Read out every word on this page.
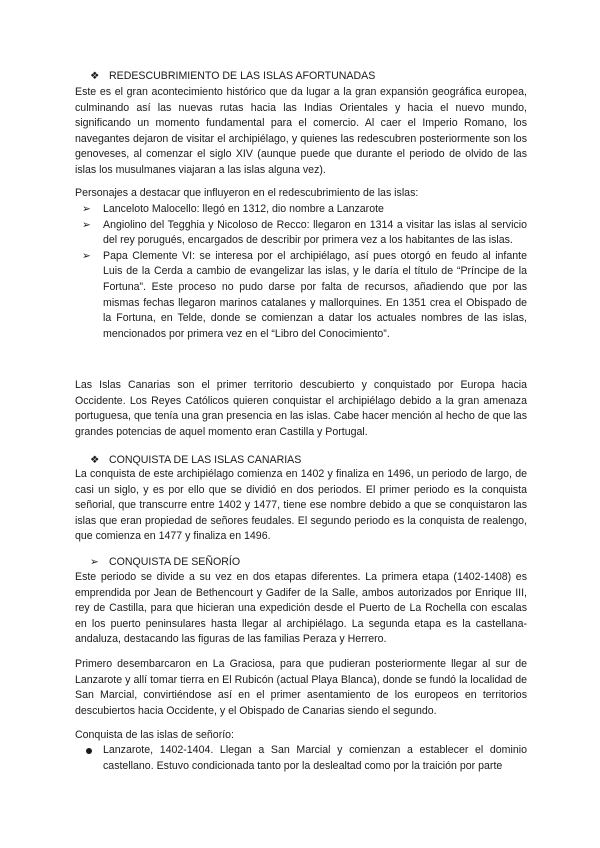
❖ REDESCUBRIMIENTO DE LAS ISLAS AFORTUNADAS

Este es el gran acontecimiento histórico que da lugar a la gran expansión geográfica europea, culminando así las nuevas rutas hacia las Indias Orientales y hacia el nuevo mundo, significando un momento fundamental para el comercio. Al caer el Imperio Romano, los navegantes dejaron de visitar el archipiélago, y quienes las redescubren posteriormente son los genoveses, al comenzar el siglo XIV (aunque puede que durante el periodo de olvido de las islas los musulmanes viajaran a las islas alguna vez).

Personajes a destacar que influyeron en el redescubrimiento de las islas:

➢ Lanceloto Malocello: llegó en 1312, dio nombre a Lanzarote
➢ Angiolino del Tegghia y Nicoloso de Recco: llegaron en 1314 a visitar las islas al servicio del rey porugués, encargados de describir por primera vez a los habitantes de las islas.
➢ Papa Clemente VI: se interesa por el archipiélago, así pues otorgó en feudo al infante Luis de la Cerda a cambio de evangelizar las islas, y le daría el título de “Príncipe de la Fortuna”. Este proceso no pudo darse por falta de recursos, añadiendo que por las mismas fechas llegaron marinos catalanes y mallorquines. En 1351 crea el Obispado de la Fortuna, en Telde, donde se comienzan a datar los actuales nombres de las islas, mencionados por primera vez en el “Libro del Conocimiento”.

Las Islas Canarias son el primer territorio descubierto y conquistado por Europa hacia Occidente. Los Reyes Católicos quieren conquistar el archipiélago debido a la gran amenaza portuguesa, que tenía una gran presencia en las islas. Cabe hacer mención al hecho de que las grandes potencias de aquel momento eran Castilla y Portugal.

❖ CONQUISTA DE LAS ISLAS CANARIAS

La conquista de este archipiélago comienza en 1402 y finaliza en 1496, un periodo de largo, de casi un siglo, y es por ello que se dividió en dos periodos. El primer periodo es la conquista señorial, que transcurre entre 1402 y 1477, tiene ese nombre debido a que se conquistaron las islas que eran propiedad de señores feudales. El segundo periodo es la conquista de realengo, que comienza en 1477 y finaliza en 1496.

➢ CONQUISTA DE SEÑORÍO

Este periodo se divide a su vez en dos etapas diferentes. La primera etapa (1402-1408) es emprendida por Jean de Bethencourt y Gadifer de la Salle, ambos autorizados por Enrique III, rey de Castilla, para que hicieran una expedición desde el Puerto de La Rochella con escalas en los puerto peninsulares hasta llegar al archipiélago. La segunda etapa es la castellana-andaluza, destacando las figuras de las familias Peraza y Herrero.

Primero desembarcaron en La Graciosa, para que pudieran posteriormente llegar al sur de Lanzarote y allí tomar tierra en El Rubicón (actual Playa Blanca), donde se fundó la localidad de San Marcial, convirtiéndose así en el primer asentamiento de los europeos en territorios descubiertos hacia Occidente, y el Obispado de Canarias siendo el segundo.

Conquista de las islas de señorío:

Lanzarote, 1402-1404. Llegan a San Marcial y comienzan a establecer el dominio castellano. Estuvo condicionada tanto por la deslealtad como por la traición por parte
